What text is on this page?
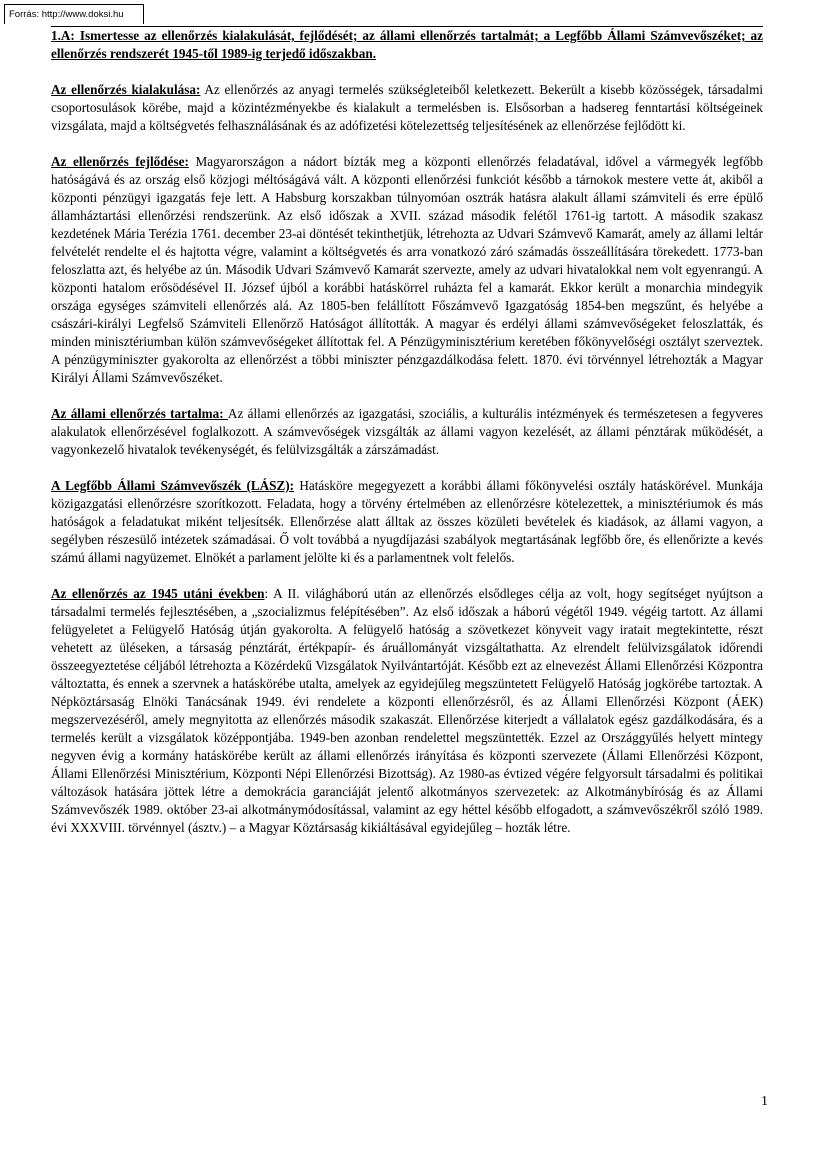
Forrás: http://www.doksi.hu
1.A: Ismertesse az ellenőrzés kialakulását, fejlődését; az állami ellenőrzés tartalmát; a Legfőbb Állami Számvevőszéket; az ellenőrzés rendszerét 1945-től 1989-ig terjedő időszakban.
Az ellenőrzés kialakulása: Az ellenőrzés az anyagi termelés szükségleteiből keletkezett. Bekerült a kisebb közösségek, társadalmi csoportosulások körébe, majd a közintézményekbe és kialakult a termelésben is. Elsősorban a hadsereg fenntartási költségeinek vizsgálata, majd a költségvetés felhasználásának és az adófizetési kötelezettség teljesítésének az ellenőrzése fejlődött ki.
Az ellenőrzés fejlődése: Magyarországon a nádort bízták meg a központi ellenőrzés feladatával, idővel a vármegyék legfőbb hatóságává és az ország első közjogi méltóságává vált. A központi ellenőrzési funkciót később a tárnokok mestere vette át, akiből a központi pénzügyi igazgatás feje lett. A Habsburg korszakban túlnyomóan osztrák hatásra alakult állami számviteli és erre épülő államháztartási ellenőrzési rendszerünk. Az első időszak a XVII. század második felétől 1761-ig tartott. A második szakasz kezdetének Mária Terézia 1761. december 23-ai döntését tekinthetjük, létrehozta az Udvari Számvevő Kamarát, amely az állami leltár felvételét rendelte el és hajtotta végre, valamint a költségvetés és arra vonatkozó záró számadás összeállítására törekedett. 1773-ban feloszlatta azt, és helyébe az ún. Második Udvari Számvevő Kamarát szervezte, amely az udvari hivatalokkal nem volt egyenrangú. A központi hatalom erősödésével II. József újból a korábbi hatáskörrel ruházta fel a kamarát. Ekkor került a monarchia mindegyik országa egységes számviteli ellenőrzés alá. Az 1805-ben felállított Főszámvevő Igazgatóság 1854-ben megszűnt, és helyébe a császári-királyi Legfelső Számviteli Ellenőrző Hatóságot állították. A magyar és erdélyi állami számvevőségeket feloszlatták, és minden minisztériumban külön számvevőségeket állítottak fel. A Pénzügyminisztérium keretében főkönyvelőségi osztályt szerveztek. A pénzügyminiszter gyakorolta az ellenőrzést a többi miniszter pénzgazdálkodása felett. 1870. évi törvénnyel létrehozták a Magyar Királyi Állami Számvevőszéket.
Az állami ellenőrzés tartalma: Az állami ellenőrzés az igazgatási, szociális, a kulturális intézmények és természetesen a fegyveres alakulatok ellenőrzésével foglalkozott. A számvevőségek vizsgálták az állami vagyon kezelését, az állami pénztárak működését, a vagyonkezelő hivatalok tevékenységét, és felülvizsgálták a zárszámadást.
A Legfőbb Állami Számvevőszék (LÁSZ): Hatásköre megegyezett a korábbi állami főkönyvelési osztály hatáskörével. Munkája közigazgatási ellenőrzésre szorítkozott. Feladata, hogy a törvény értelmében az ellenőrzésre kötelezettek, a minisztériumok és más hatóságok a feladatukat miként teljesítsék. Ellenőrzése alatt álltak az összes közületi bevételek és kiadások, az állami vagyon, a segélyben részesülő intézetek számadásai. Ő volt továbbá a nyugdíjazási szabályok megtartásának legfőbb őre, és ellenőrizte a kevés számú állami nagyüzemet. Elnökét a parlament jelölte ki és a parlamentnek volt felelős.
Az ellenőrzés az 1945 utáni években: A II. világháború után az ellenőrzés elsődleges célja az volt, hogy segítséget nyújtson a társadalmi termelés fejlesztésében, a „szocializmus felépítésében”. Az első időszak a háború végétől 1949. végéig tartott. Az állami felügyeletet a Felügyelő Hatóság útján gyakorolta. A felügyelő hatóság a szövetkezet könyveit vagy iratait megtekintette, részt vehetett az üléseken, a társaság pénztárát, értékpapír- és áruállományát vizsgáltathatta. Az elrendelt felülvizsgálatok időrendi összeegyeztetése céljából létrehozta a Közérdekű Vizsgálatok Nyilvántartóját. Később ezt az elnevezést Állami Ellenőrzési Központra változtatta, és ennek a szervnek a hatáskörébe utalta, amelyek az egyidejűleg megszüntetett Felügyelő Hatóság jogkörébe tartoztak. A Népköztársaság Elnöki Tanácsának 1949. évi rendelete a központi ellenőrzésről, és az Állami Ellenőrzési Központ (ÁEK) megszervezéséről, amely megnyitotta az ellenőrzés második szakaszát. Ellenőrzése kiterjedt a vállalatok egész gazdálkodására, és a termelés került a vizsgálatok középpontjába. 1949-ben azonban rendelettel megszüntették. Ezzel az Országgyűlés helyett mintegy negyven évig a kormány hatáskörébe került az állami ellenőrzés irányítása és központi szervezete (Állami Ellenőrzési Központ, Állami Ellenőrzési Minisztérium, Központi Népi Ellenőrzési Bizottság). Az 1980-as évtized végére felgyorsult társadalmi és politikai változások hatására jöttek létre a demokrácia garanciáját jelentő alkotmányos szervezetek: az Alkotmánybíróság és az Állami Számvevőszék 1989. október 23-ai alkotmánymódosítással, valamint az egy héttel később elfogadott, a számvevőszékről szóló 1989. évi XXXVIII. törvénnyel (ásztv.) – a Magyar Köztársaság kikiáltásával egyidejűleg – hozták létre.
1
